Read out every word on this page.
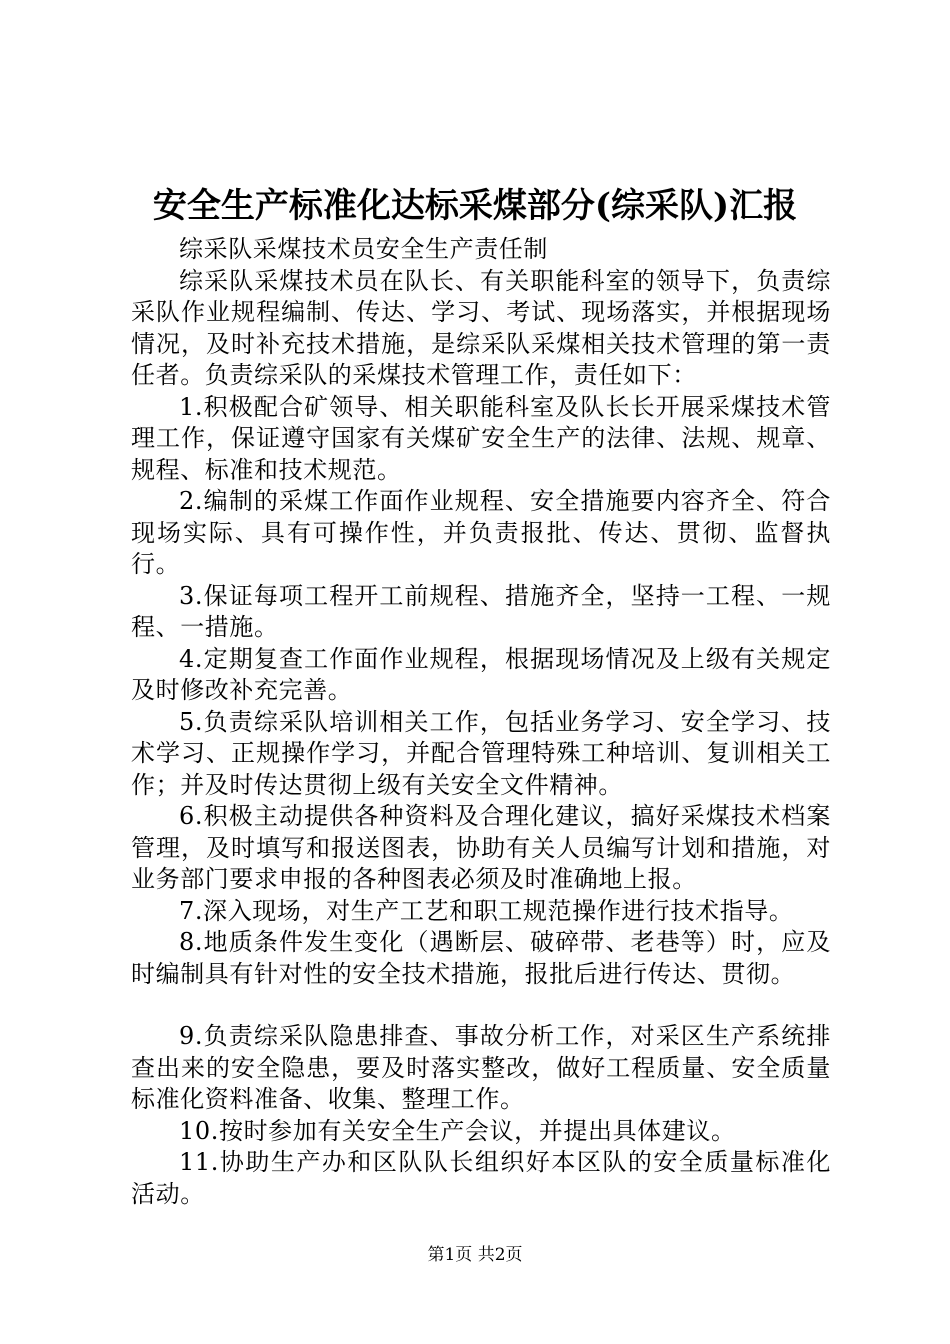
安全生产标准化达标采煤部分(综采队)汇报

综采队采煤技术员安全生产责任制

综采队采煤技术员在队长、有关职能科室的领导下，负责综采队作业规程编制、传达、学习、考试、现场落实，并根据现场情况，及时补充技术措施，是综采队采煤相关技术管理的第一责任者。负责综采队的采煤技术管理工作，责任如下：

1.积极配合矿领导、相关职能科室及队长长开展采煤技术管理工作，保证遵守国家有关煤矿安全生产的法律、法规、规章、规程、标准和技术规范。

2.编制的采煤工作面作业规程、安全措施要内容齐全、符合现场实际、具有可操作性，并负责报批、传达、贯彻、监督执行。

3.保证每项工程开工前规程、措施齐全，坚持一工程、一规程、一措施。

4.定期复查工作面作业规程，根据现场情况及上级有关规定及时修改补充完善。

5.负责综采队培训相关工作，包括业务学习、安全学习、技术学习、正规操作学习，并配合管理特殊工种培训、复训相关工作；并及时传达贯彻上级有关安全文件精神。

6.积极主动提供各种资料及合理化建议，搞好采煤技术档案管理，及时填写和报送图表，协助有关人员编写计划和措施，对业务部门要求申报的各种图表必须及时准确地上报。

7.深入现场，对生产工艺和职工规范操作进行技术指导。

8.地质条件发生变化（遇断层、破碎带、老巷等）时，应及时编制具有针对性的安全技术措施，报批后进行传达、贯彻。

9.负责综采队隐患排查、事故分析工作，对采区生产系统排查出来的安全隐患，要及时落实整改，做好工程质量、安全质量标准化资料准备、收集、整理工作。

10.按时参加有关安全生产会议，并提出具体建议。

11.协助生产办和区队队长组织好本区队的安全质量标准化活动。

第1页 共2页
